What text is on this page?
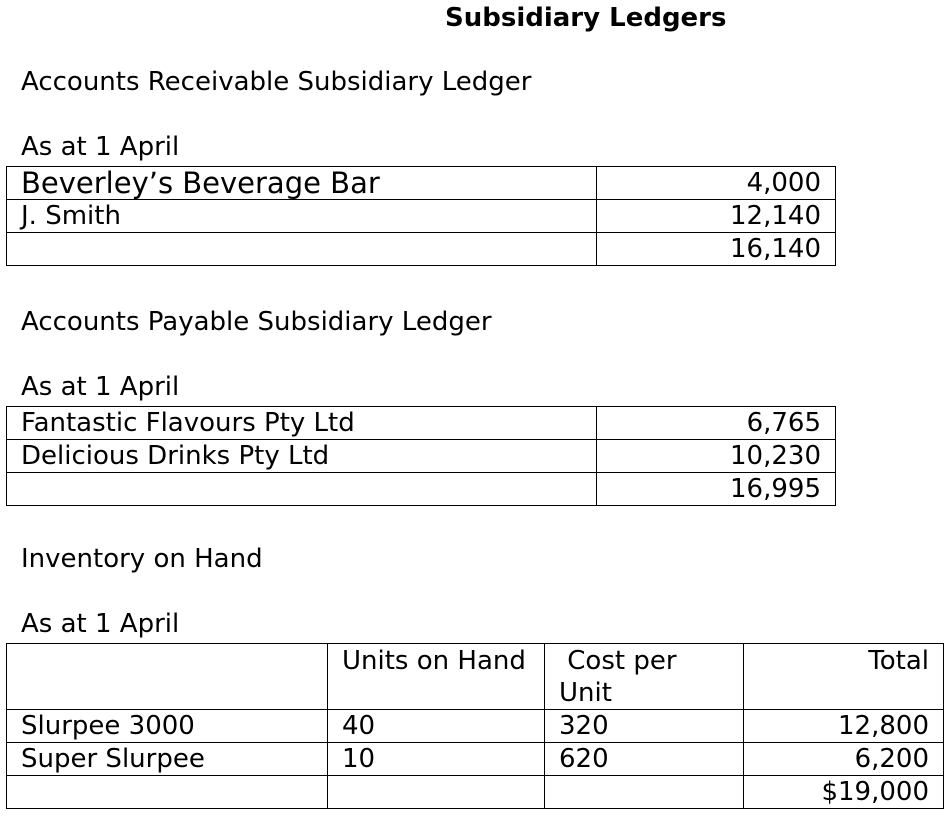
Subsidiary Ledgers
Accounts Receivable Subsidiary Ledger
As at 1 April
Beverley’s Beverage Bar	4,000
J. Smith	12,140
	16,140
Accounts Payable Subsidiary Ledger
As at 1 April
Fantastic Flavours Pty Ltd	6,765
Delicious Drinks Pty Ltd	10,230
	16,995
Inventory on Hand
As at 1 April
	Units on Hand	Cost per Unit	Total
Slurpee 3000	40	320	12,800
Super Slurpee	10	620	6,200
			$19,000
